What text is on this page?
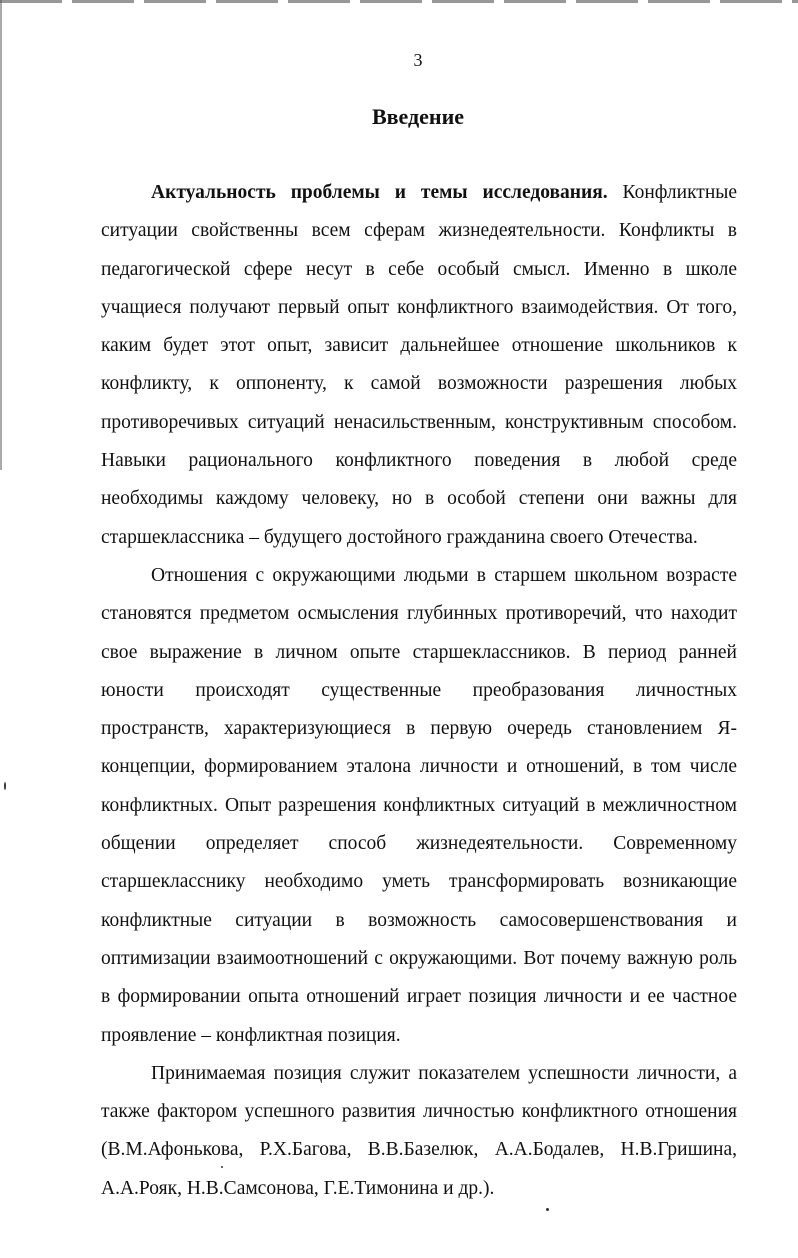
3

Введение

Актуальность проблемы и темы исследования. Конфликтные ситуации свойственны всем сферам жизнедеятельности. Конфликты в педагогической сфере несут в себе особый смысл. Именно в школе учащиеся получают первый опыт конфликтного взаимодействия. От того, каким будет этот опыт, зависит дальнейшее отношение школьников к конфликту, к оппоненту, к самой возможности разрешения любых противоречивых ситуаций ненасильственным, конструктивным способом. Навыки рационального конфликтного поведения в любой среде необходимы каждому человеку, но в особой степени они важны для старшеклассника – будущего достойного гражданина своего Отечества.

Отношения с окружающими людьми в старшем школьном возрасте становятся предметом осмысления глубинных противоречий, что находит свое выражение в личном опыте старшеклассников. В период ранней юности происходят существенные преобразования личностных пространств, характеризующиеся в первую очередь становлением Я-концепции, формированием эталона личности и отношений, в том числе конфликтных. Опыт разрешения конфликтных ситуаций в межличностном общении определяет способ жизнедеятельности. Современному старшекласснику необходимо уметь трансформировать возникающие конфликтные ситуации в возможность самосовершенствования и оптимизации взаимоотношений с окружающими. Вот почему важную роль в формировании опыта отношений играет позиция личности и ее частное проявление – конфликтная позиция.

Принимаемая позиция служит показателем успешности личности, а также фактором успешного развития личностью конфликтного отношения (В.М.Афонькова, Р.Х.Багова, В.В.Базелюк, А.А.Бодалев, Н.В.Гришина, А.А.Рояк, Н.В.Самсонова, Г.Е.Тимонина и др.).
